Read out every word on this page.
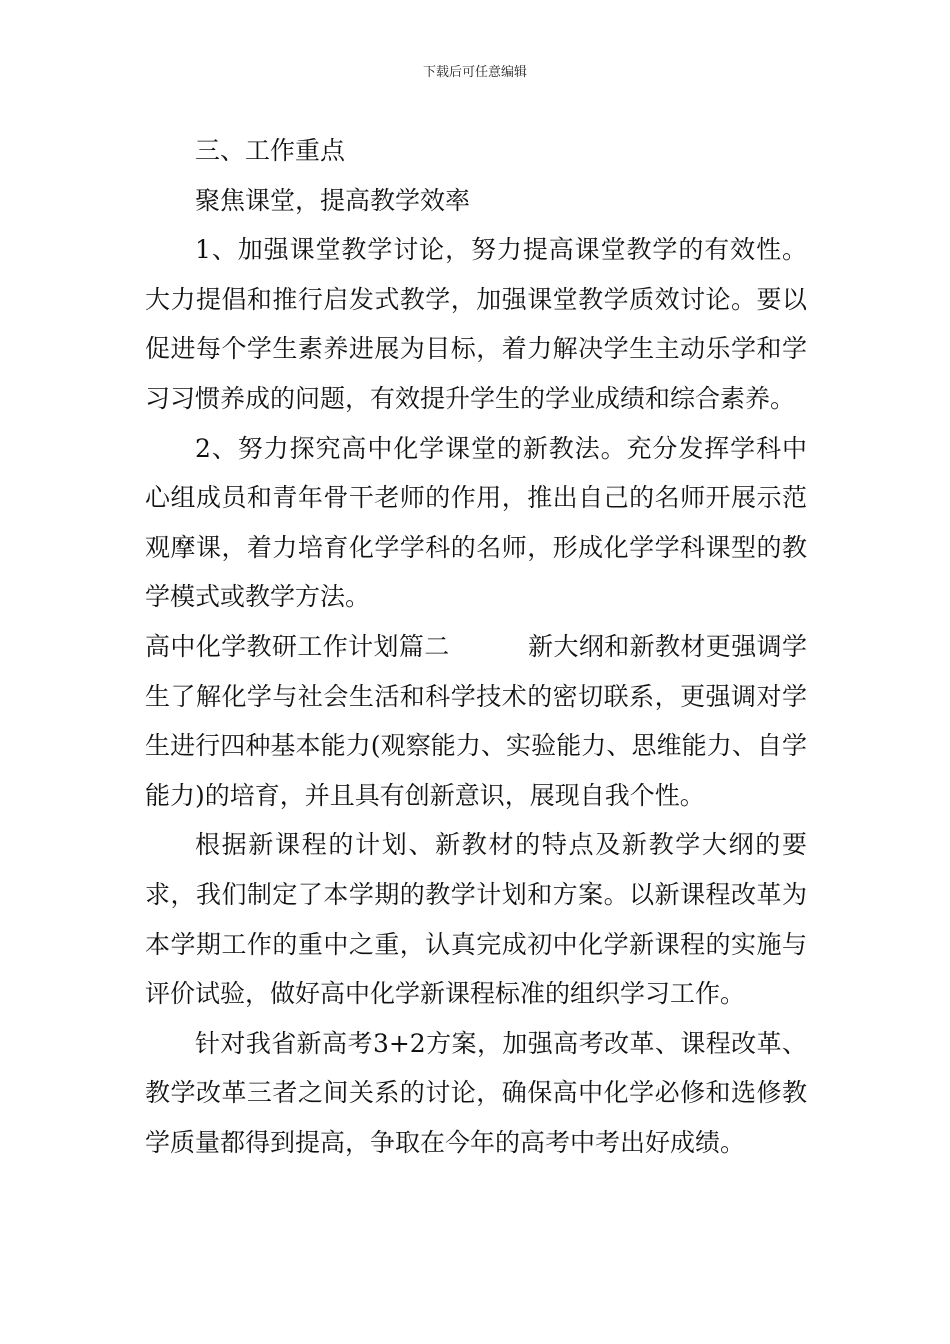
下载后可任意编辑

三、工作重点

聚焦课堂，提高教学效率

1、加强课堂教学讨论，努力提高课堂教学的有效性。大力提倡和推行启发式教学，加强课堂教学质效讨论。要以促进每个学生素养进展为目标，着力解决学生主动乐学和学习习惯养成的问题，有效提升学生的学业成绩和综合素养。

2、努力探究高中化学课堂的新教法。充分发挥学科中心组成员和青年骨干老师的作用，推出自己的名师开展示范观摩课，着力培育化学学科的名师，形成化学学科课型的教学模式或教学方法。

高中化学教研工作计划篇二	新大纲和新教材更强调学生了解化学与社会生活和科学技术的密切联系，更强调对学生进行四种基本能力(观察能力、实验能力、思维能力、自学能力)的培育，并且具有创新意识，展现自我个性。

根据新课程的计划、新教材的特点及新教学大纲的要求，我们制定了本学期的教学计划和方案。以新课程改革为本学期工作的重中之重，认真完成初中化学新课程的实施与评价试验，做好高中化学新课程标准的组织学习工作。

针对我省新高考3+2方案，加强高考改革、课程改革、教学改革三者之间关系的讨论，确保高中化学必修和选修教学质量都得到提高，争取在今年的高考中考出好成绩。
